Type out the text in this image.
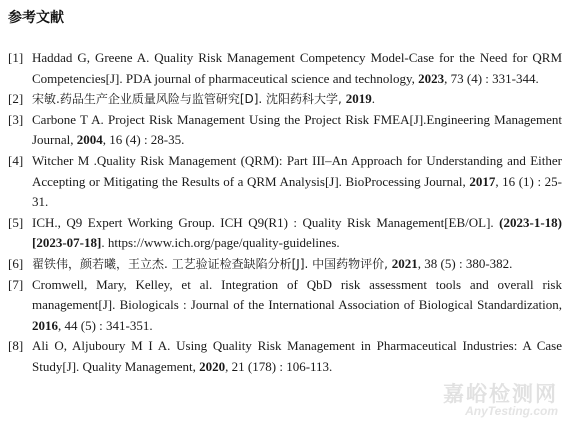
参考文献
[1] Haddad G, Greene A. Quality Risk Management Competency Model-Case for the Need for QRM Competencies[J]. PDA journal of pharmaceutical science and technology, 2023, 73 (4) : 331-344.
[2] 宋敏.药品生产企业质量风险与监管研究[D]. 沈阳药科大学, 2019.
[3] Carbone T A. Project Risk Management Using the Project Risk FMEA[J].Engineering Management Journal, 2004, 16 (4) : 28-35.
[4] Witcher M .Quality Risk Management (QRM): Part III–An Approach for Understanding and Either Accepting or Mitigating the Results of a QRM Analysis[J]. BioProcessing Journal, 2017, 16 (1) : 25-31.
[5] ICH., Q9 Expert Working Group. ICH Q9(R1) : Quality Risk Management[EB/OL]. (2023-1-18)[2023-07-18]. https://www.ich.org/page/quality-guidelines.
[6] 翟铁伟，颜若曦，王立杰. 工艺验证检查缺陷分析[J]. 中国药物评价, 2021, 38 (5) : 380-382.
[7] Cromwell, Mary, Kelley, et al. Integration of QbD risk assessment tools and overall risk management[J]. Biologicals : Journal of the International Association of Biological Standardization, 2016, 44 (5) : 341-351.
[8] Ali O, Aljuboury M I A. Using Quality Risk Management in Pharmaceutical Industries: A Case Study[J]. Quality Management, 2020, 21 (178) : 106-113.
嘉峪检测网
AnyTesting.com
